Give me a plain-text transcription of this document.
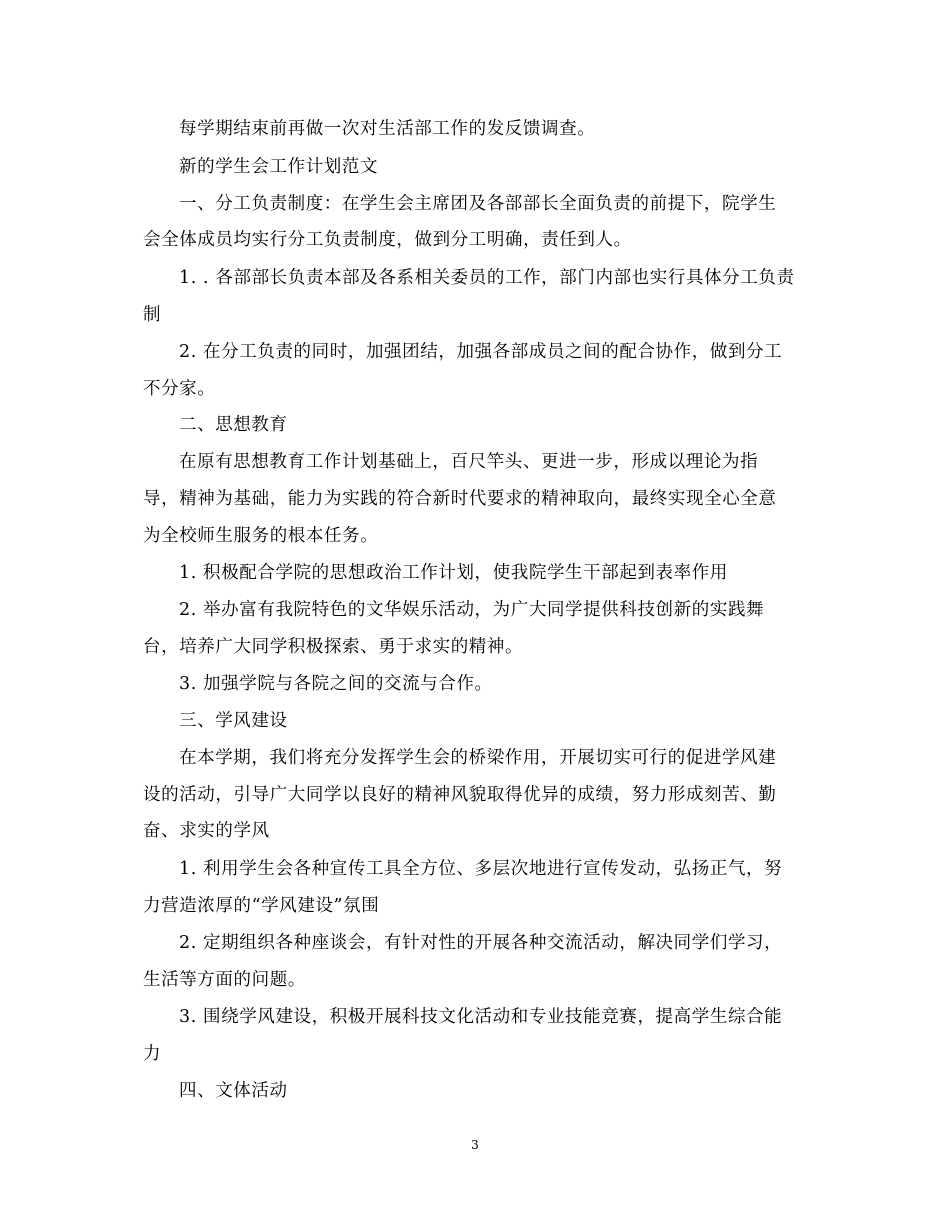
每学期结束前再做一次对生活部工作的发反馈调查。
新的学生会工作计划范文
一、分工负责制度：在学生会主席团及各部部长全面负责的前提下，院学生
会全体成员均实行分工负责制度，做到分工明确，责任到人。
1. . 各部部长负责本部及各系相关委员的工作，部门内部也实行具体分工负责
制
2. 在分工负责的同时，加强团结，加强各部成员之间的配合协作，做到分工
不分家。
二、思想教育
在原有思想教育工作计划基础上，百尺竿头、更进一步，形成以理论为指
导，精神为基础，能力为实践的符合新时代要求的精神取向，最终实现全心全意
为全校师生服务的根本任务。
1. 积极配合学院的思想政治工作计划，使我院学生干部起到表率作用
2. 举办富有我院特色的文华娱乐活动，为广大同学提供科技创新的实践舞
台，培养广大同学积极探索、勇于求实的精神。
3. 加强学院与各院之间的交流与合作。
三、学风建设
在本学期，我们将充分发挥学生会的桥梁作用，开展切实可行的促进学风建
设的活动，引导广大同学以良好的精神风貌取得优异的成绩，努力形成刻苦、勤
奋、求实的学风
1. 利用学生会各种宣传工具全方位、多层次地进行宣传发动，弘扬正气，努
力营造浓厚的“学风建设”氛围
2. 定期组织各种座谈会，有针对性的开展各种交流活动，解决同学们学习，
生活等方面的问题。
3. 围绕学风建设，积极开展科技文化活动和专业技能竞赛，提高学生综合能
力
四、文体活动
3
